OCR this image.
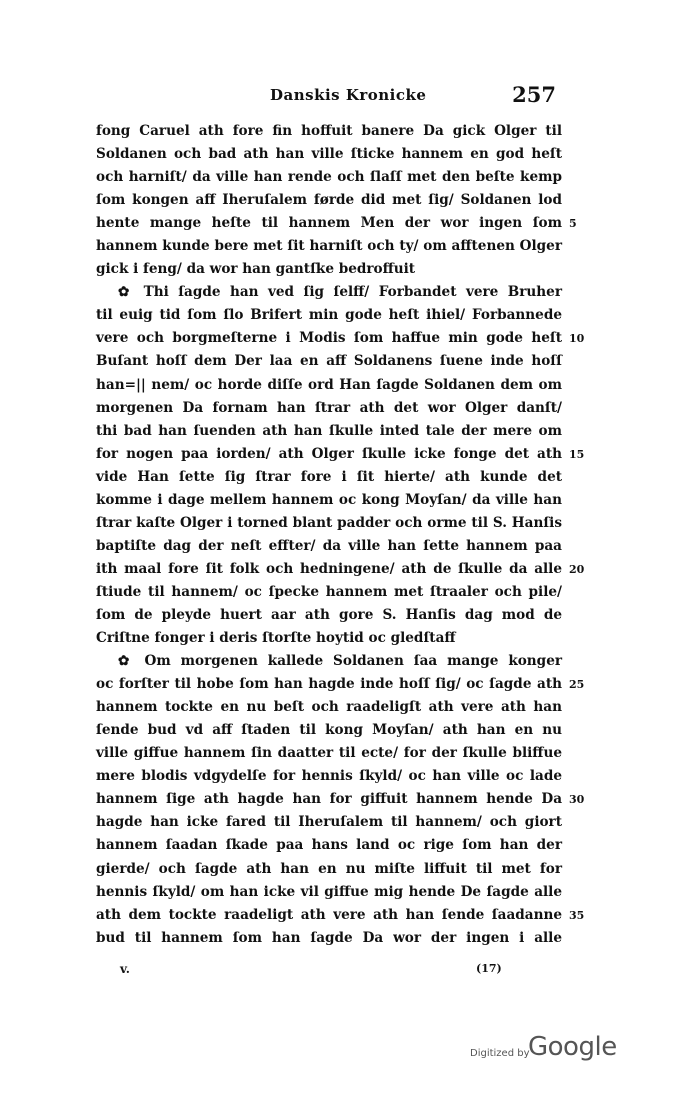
Danskis Kronicke	257
fong Caruel ath fore fin hoffuit banere Da gick Olger til
Soldanen och bad ath han ville ſticke hannem en god heſt
och harniſt/ da ville han rende och ſlaſſ met den beſte kemp
ſom kongen aff Iheruſalem førde did met ſig/ Soldanen lod
hente mange heſte til hannem Men der wor ingen ſom 5
hannem kunde bere met ſit harniſt och ty/ om afftenen Olger
gick i feng/ da wor han gantſke bedroffuit
✿ Thi ſagde han ved ſig ſelff/ Forbandet vere Bruher
til euig tid ſom ſlo Brifert min gode heſt ihiel/ Forbannede
vere och borgmeſterne i Modis ſom haffue min gode heſt 10
Buſant hoſſ dem Der laa en aff Soldanens ſuene inde hoſſ
han=|| nem/ oc horde diſſe ord Han ſagde Soldanen dem om
morgenen Da fornam han ſtrar ath det wor Olger danſt/
thi bad han ſuenden ath han ſkulle inted tale der mere om
for nogen paa iorden/ ath Olger ſkulle icke fonge det ath 15
vide Han ſette ſig ſtrar fore i ſit hierte/ ath kunde det
komme i dage mellem hannem oc kong Moyſan/ da ville han
ſtrar kaſte Olger i torned blant padder och orme til S. Hanſis
baptiſte dag der neſt effter/ da ville han ſette hannem paa
ith maal fore ſit folk och hedningene/ ath de ſkulle da alle 20
ſtiude til hannem/ oc ſpecke hannem met ſtraaler och pile/
ſom de pleyde huert aar ath gore S. Hanſis dag mod de
Criſtne fonger i deris ſtorſte hoytid oc gledſtaff
✿ Om morgenen kallede Soldanen ſaa mange konger
oc forſter til hobe ſom han hagde inde hoſſ ſig/ oc ſagde ath 25
hannem tockte en nu beſt och raadeligſt ath vere ath han
ſende bud vd aff ſtaden til kong Moyſan/ ath han en nu
ville giffue hannem ſin daatter til ecte/ for der ſkulle bliffue
mere blodis vdgydelſe for hennis ſkyld/ oc han ville oc lade
hannem ſige ath hagde han for giffuit hannem hende Da 30
hagde han icke fared til Iheruſalem til hannem/ och giort
hannem ſaadan ſkade paa hans land oc rige ſom han der
gierde/ och ſagde ath han en nu miſte liffuit til met for
hennis ſkyld/ om han icke vil giffue mig hende De ſagde alle
ath dem tockte raadeligt ath vere ath han ſende ſaadanne 35
bud til hannem ſom han ſagde Da wor der ingen i alle
v.	(17)
Digitized by
Google
